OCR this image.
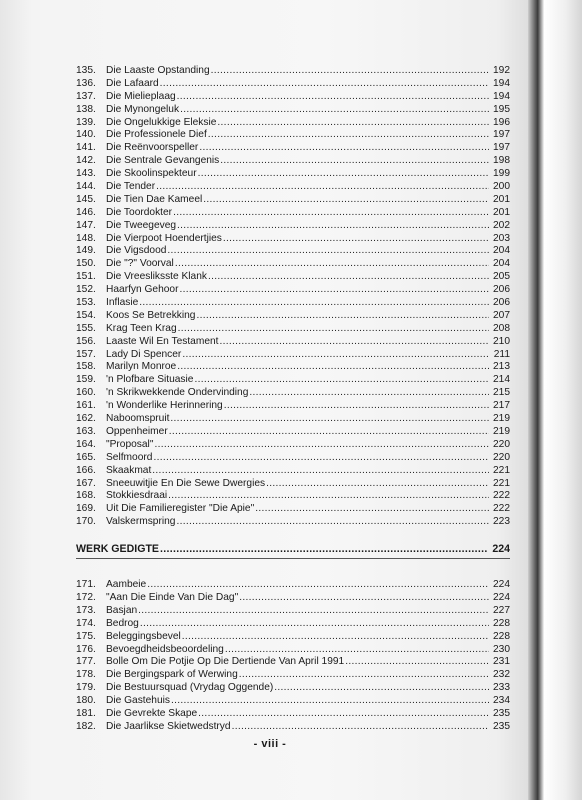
135. Die Laaste Opstanding .....	192
136. Die Lafaard .....	194
137. Die Mielieplaag .....	194
138. Die Mynongeluk .....	195
139. Die Ongelukkige Eleksie .....	196
140. Die Professionele Dief .....	197
141. Die Reënvoorspeller .....	197
142. Die Sentrale Gevangenis .....	198
143. Die Skoolinspekteur .....	199
144. Die Tender .....	200
145. Die Tien Dae Kameel .....	201
146. Die Toordokter .....	201
147. Die Tweegeveg .....	202
148. Die Vierpoot Hoendertjies .....	203
149. Die Vigsdood .....	204
150. Die "?" Voorval .....	204
151. Die Vreesliksste Klank .....	205
152. Haarfyn Gehoor .....	206
153. Inflasie .....	206
154. Koos Se Betrekking .....	207
155. Krag Teen Krag .....	208
156. Laaste Wil En Testament .....	210
157. Lady Di Spencer .....	211
158. Marilyn Monroe .....	213
159. 'n Plofbare Situasie .....	214
160. 'n Skrikwekkende Ondervinding .....	215
161. 'n Wonderlike Herinnering .....	217
162. Naboomspruit .....	219
163. Oppenheimer .....	219
164. "Proposal" .....	220
165. Selfmoord .....	220
166. Skaakmat .....	221
167. Sneeuwitjie En Die Sewe Dwergies .....	221
168. Stokkiesdraai .....	222
169. Uit Die Familieregister "Die Apie" .....	222
170. Valskermspring .....	223
WERK GEDIGTE .....	224
171. Aambeie .....	224
172. "Aan Die Einde Van Die Dag" .....	224
173. Basjan .....	227
174. Bedrog .....	228
175. Beleggingsbevel .....	228
176. Bevoegdheidsbeoordeling .....	230
177. Bolle Om Die Potjie Op Die Dertiende Van April 1991 .....	231
178. Die Bergingspark of Werwing .....	232
179. Die Bestuursquad (Vrydag Oggende) .....	233
180. Die Gastehuis .....	234
181. Die Gevrekte Skape .....	235
182. Die Jaarlikse Skietwedstryd .....	235
- viii -
